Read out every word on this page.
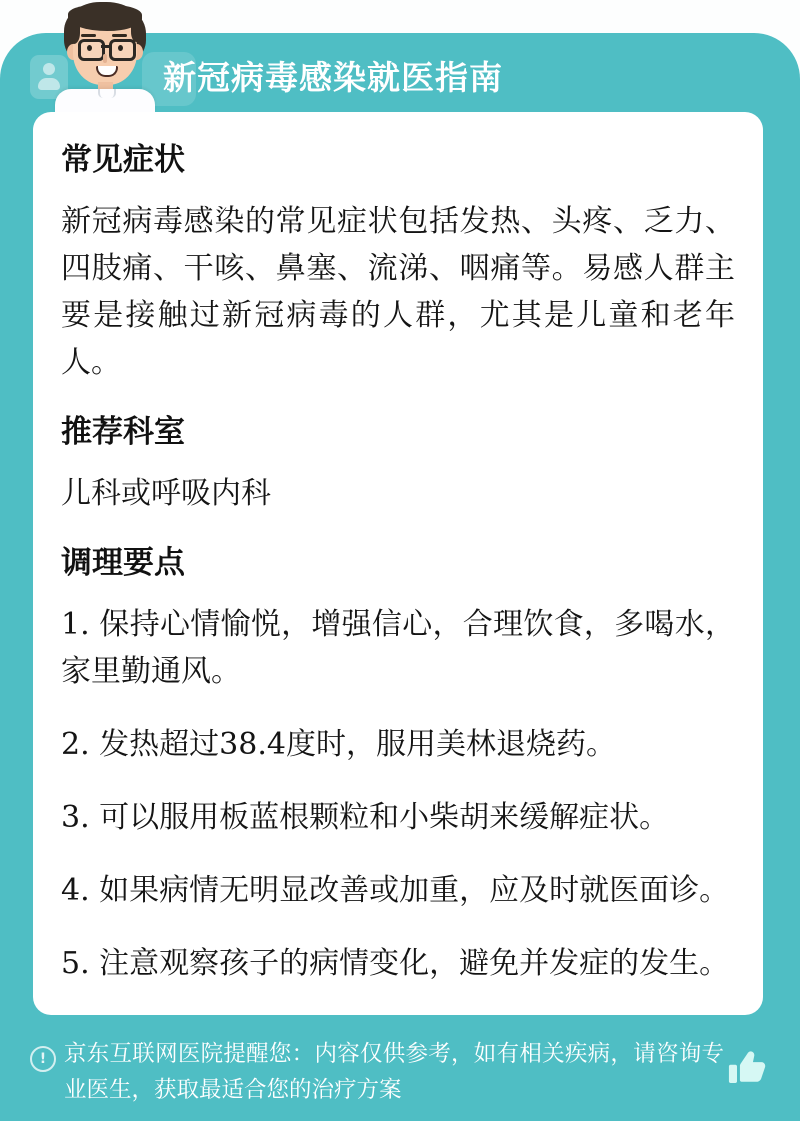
新冠病毒感染就医指南
常见症状

新冠病毒感染的常见症状包括发热、头疼、乏力、四肢痛、干咳、鼻塞、流涕、咽痛等。易感人群主要是接触过新冠病毒的人群，尤其是儿童和老年人。

推荐科室

儿科或呼吸内科

调理要点

1. 保持心情愉悦，增强信心，合理饮食，多喝水，家里勤通风。

2. 发热超过38.4度时，服用美林退烧药。

3. 可以服用板蓝根颗粒和小柴胡来缓解症状。

4. 如果病情无明显改善或加重，应及时就医面诊。

5. 注意观察孩子的病情变化，避免并发症的发生。

! 京东互联网医院提醒您：内容仅供参考，如有相关疾病，请咨询专业医生，获取最适合您的治疗方案
